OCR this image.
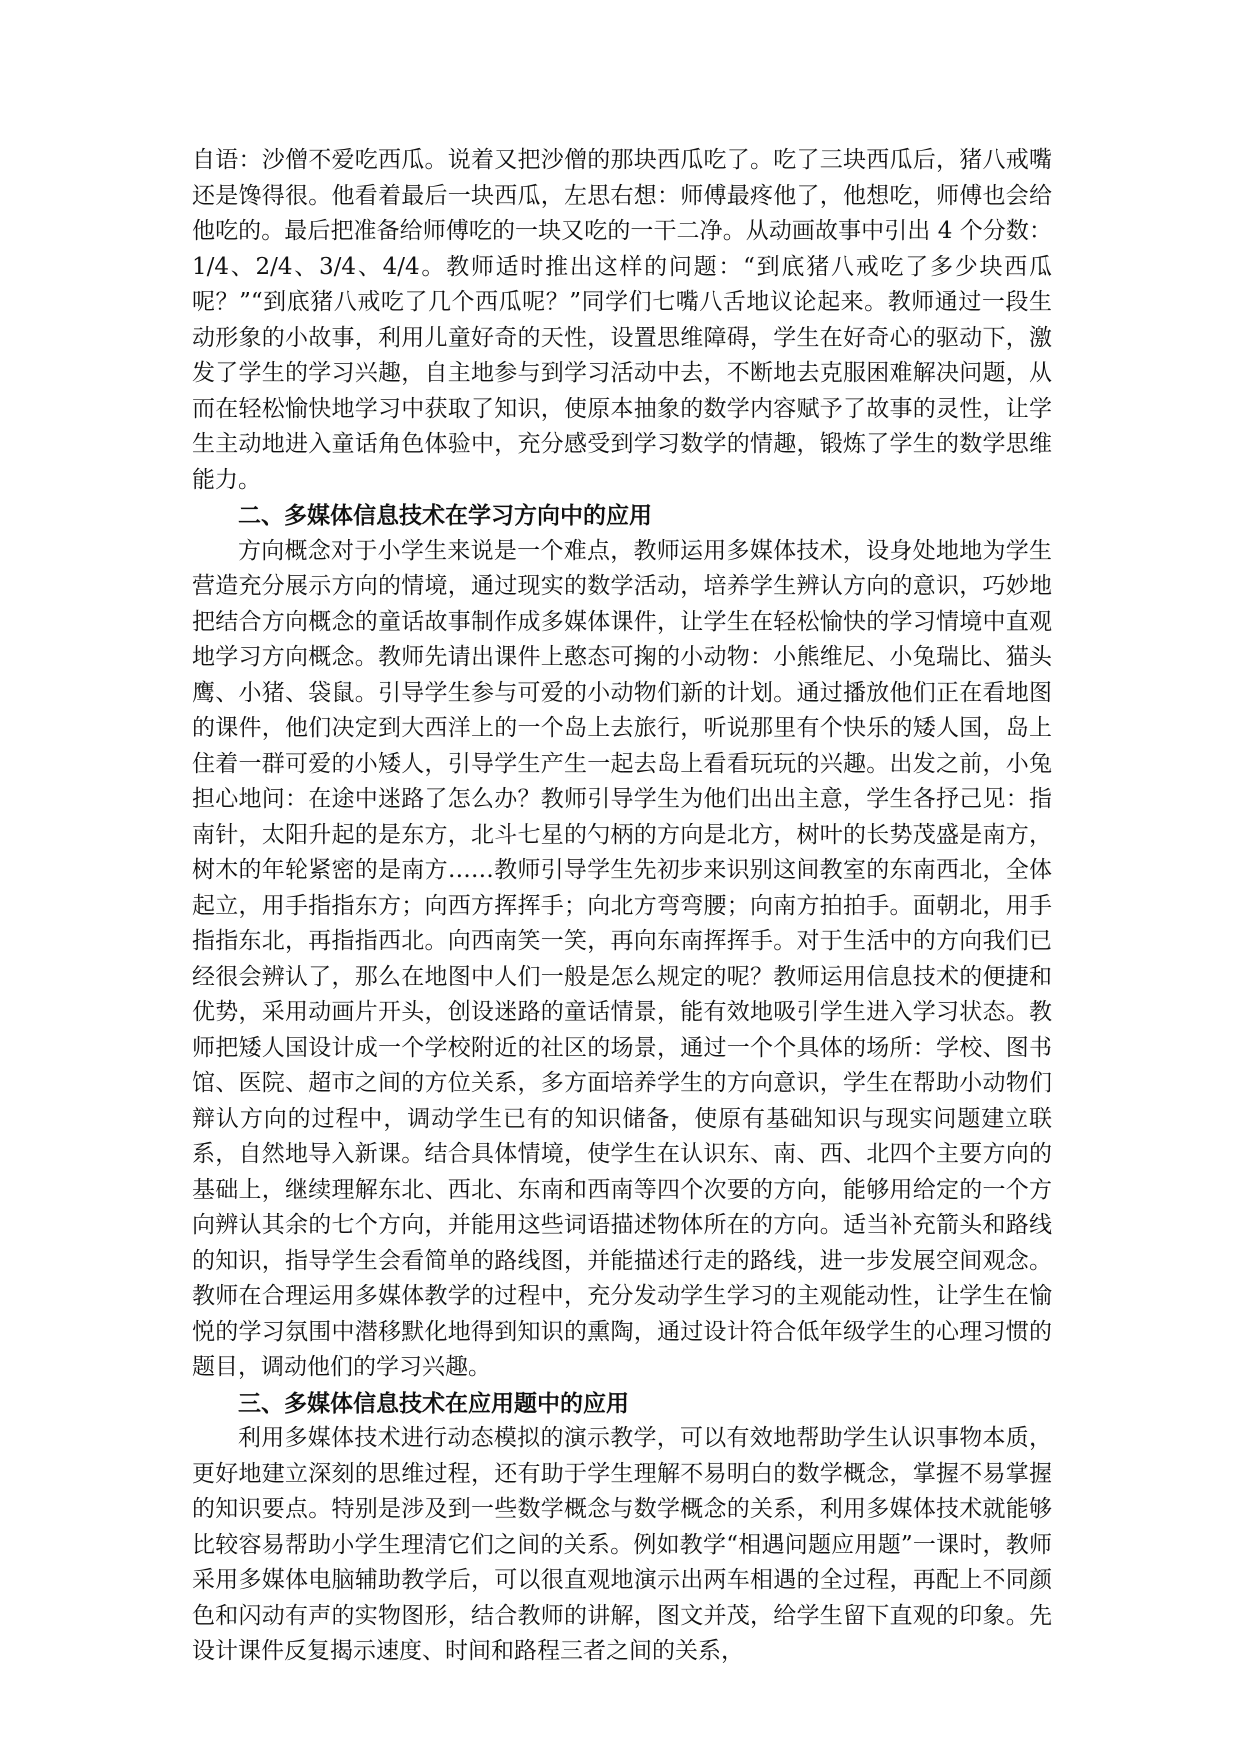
自语：沙僧不爱吃西瓜。说着又把沙僧的那块西瓜吃了。吃了三块西瓜后，猪八戒嘴还是馋得很。他看着最后一块西瓜，左思右想：师傅最疼他了，他想吃，师傅也会给他吃的。最后把准备给师傅吃的一块又吃的一干二净。从动画故事中引出 4 个分数：1/4、2/4、3/4、4/4。教师适时推出这样的问题：“到底猪八戒吃了多少块西瓜呢？”“到底猪八戒吃了几个西瓜呢？”同学们七嘴八舌地议论起来。教师通过一段生动形象的小故事，利用儿童好奇的天性，设置思维障碍，学生在好奇心的驱动下，激发了学生的学习兴趣，自主地参与到学习活动中去，不断地去克服困难解决问题，从而在轻松愉快地学习中获取了知识，使原本抽象的数学内容赋予了故事的灵性，让学生主动地进入童话角色体验中，充分感受到学习数学的情趣，锻炼了学生的数学思维能力。

二、多媒体信息技术在学习方向中的应用

方向概念对于小学生来说是一个难点，教师运用多媒体技术，设身处地地为学生营造充分展示方向的情境，通过现实的数学活动，培养学生辨认方向的意识，巧妙地把结合方向概念的童话故事制作成多媒体课件，让学生在轻松愉快的学习情境中直观地学习方向概念。教师先请出课件上憨态可掬的小动物：小熊维尼、小兔瑞比、猫头鹰、小猪、袋鼠。引导学生参与可爱的小动物们新的计划。通过播放他们正在看地图的课件，他们决定到大西洋上的一个岛上去旅行，听说那里有个快乐的矮人国，岛上住着一群可爱的小矮人，引导学生产生一起去岛上看看玩玩的兴趣。出发之前，小兔担心地问：在途中迷路了怎么办？教师引导学生为他们出出主意，学生各抒己见：指南针，太阳升起的是东方，北斗七星的勺柄的方向是北方，树叶的长势茂盛是南方，树木的年轮紧密的是南方……教师引导学生先初步来识别这间教室的东南西北，全体起立，用手指指东方；向西方挥挥手；向北方弯弯腰；向南方拍拍手。面朝北，用手指指东北，再指指西北。向西南笑一笑，再向东南挥挥手。对于生活中的方向我们已经很会辨认了，那么在地图中人们一般是怎么规定的呢？教师运用信息技术的便捷和优势，采用动画片开头，创设迷路的童话情景，能有效地吸引学生进入学习状态。教师把矮人国设计成一个学校附近的社区的场景，通过一个个具体的场所：学校、图书馆、医院、超市之间的方位关系，多方面培养学生的方向意识，学生在帮助小动物们辩认方向的过程中，调动学生已有的知识储备，使原有基础知识与现实问题建立联系，自然地导入新课。结合具体情境，使学生在认识东、南、西、北四个主要方向的基础上，继续理解东北、西北、东南和西南等四个次要的方向，能够用给定的一个方向辨认其余的七个方向，并能用这些词语描述物体所在的方向。适当补充箭头和路线的知识，指导学生会看简单的路线图，并能描述行走的路线，进一步发展空间观念。教师在合理运用多媒体教学的过程中，充分发动学生学习的主观能动性，让学生在愉悦的学习氛围中潜移默化地得到知识的熏陶，通过设计符合低年级学生的心理习惯的题目，调动他们的学习兴趣。

三、多媒体信息技术在应用题中的应用

利用多媒体技术进行动态模拟的演示教学，可以有效地帮助学生认识事物本质，更好地建立深刻的思维过程，还有助于学生理解不易明白的数学概念，掌握不易掌握的知识要点。特别是涉及到一些数学概念与数学概念的关系，利用多媒体技术就能够比较容易帮助小学生理清它们之间的关系。例如教学“相遇问题应用题”一课时，教师采用多媒体电脑辅助教学后，可以很直观地演示出两车相遇的全过程，再配上不同颜色和闪动有声的实物图形，结合教师的讲解，图文并茂，给学生留下直观的印象。先设计课件反复揭示速度、时间和路程三者之间的关系，
